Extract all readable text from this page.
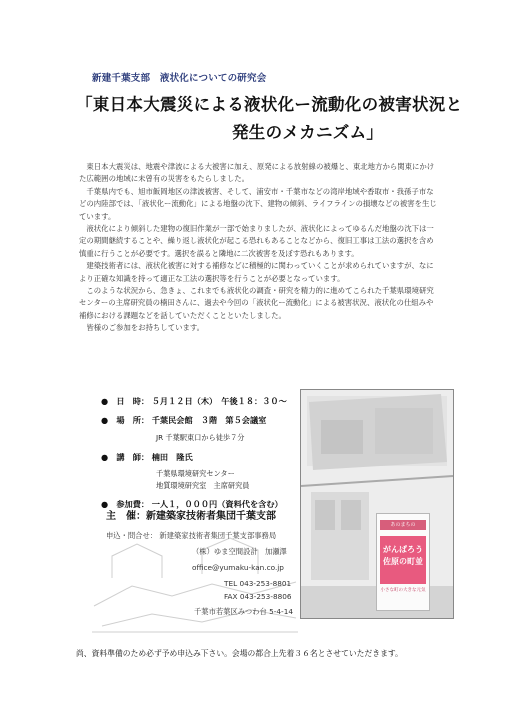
新建千葉支部　液状化についての研究会
「東日本大震災による液状化ー流動化の被害状況と
発生のメカニズム」

東日本大震災は、地震や津波による大被害に加え、原発による放射線の被爆と、東北地方から関東にかけた広範囲の地域に未曾有の災害をもたらしました。

千葉県内でも、旭市飯岡地区の津波被害、そして、浦安市・千葉市などの湾岸地域や香取市・我孫子市などの内陸部では、「液状化ー流動化」による地盤の沈下、建物の傾斜、ライフラインの損壊などの被害を生じています。

液状化により傾斜した建物の復旧作業が一部で始まりましたが、液状化によってゆるんだ地盤の沈下は一定の期間継続することや、繰り返し液状化が起こる恐れもあることなどから、復旧工事は工法の選択を含め慎重に行うことが必要です。選択を誤ると隣地に二次被害を及ぼす恐れもあります。

建築技術者には、液状化被害に対する補修などに積極的に関わっていくことが求められていますが、なにより正確な知識を持って適正な工法の選択等を行うことが必要となっています。

このような状況から、急きょ、これまでも液状化の調査・研究を精力的に進めてこられた千葉県環境研究センターの主席研究員の楠田さんに、過去や今回の「液状化ー流動化」による被害状況、液状化の仕組みや補修における課題などを話していただくことといたしました。

皆様のご参加をお持ちしています。

●　日　時： ５月１２日（木）　午後１８：３０～
●　場　所： 千葉民会館　３階　第５会議室
JR 千葉駅東口から徒歩７分
●　講　師： 楠田　隆氏
千葉県環境研究センター
地質環境研究室　主席研究員
●　参加費： 一人１，０００円（資料代を含む）
あのまちの
がんばろう佐原の町並
小さな町の大きな元気
主　催：新建築家技術者集団千葉支部
申込・問合せ： 新建築家技術者集団千葉支部事務局
（株）ゆま空間設計　加瀬澤
office@yumaku-kan.co.jp
TEL 043-253-8801
FAX 043-253-8806
千葉市若葉区みつわ台 5-4-14
尚、資料準備のため必ず予め申込み下さい。会場の都合上先着３６名とさせていただきます。
